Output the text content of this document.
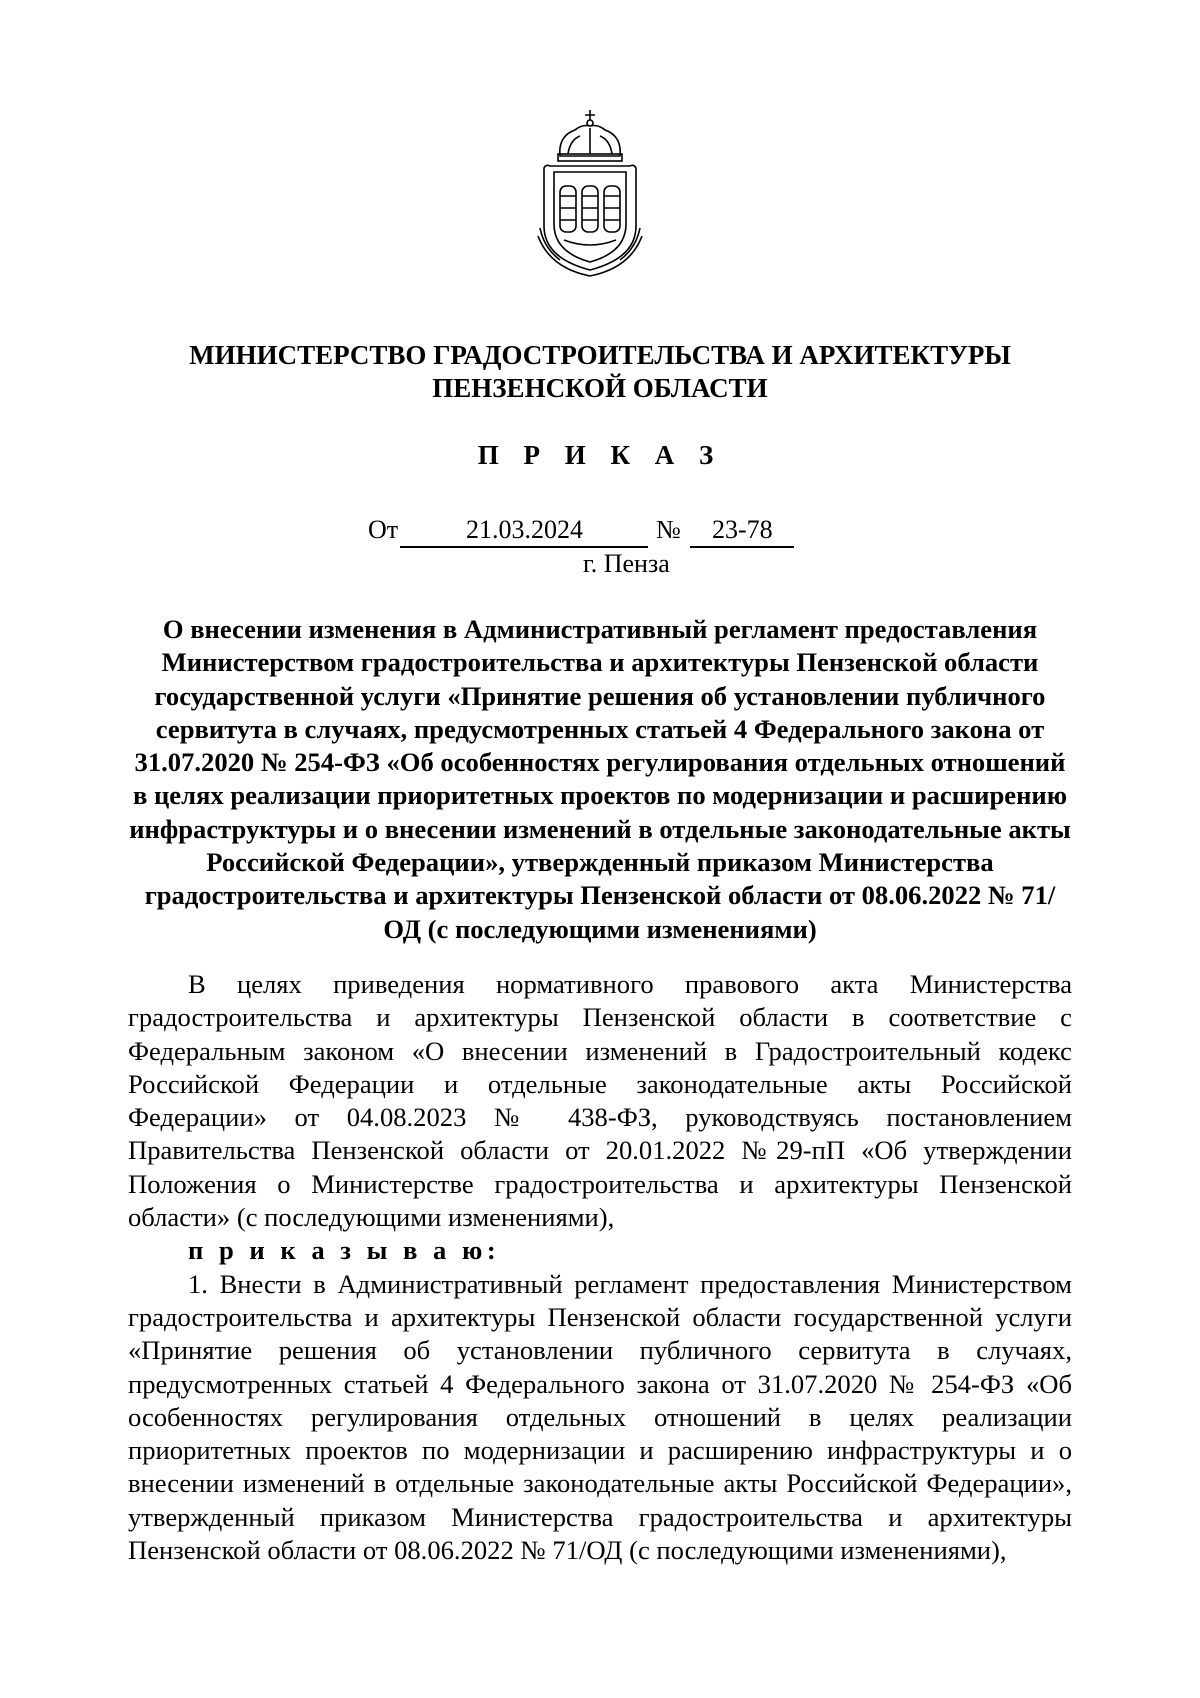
МИНИСТЕРСТВО ГРАДОСТРОИТЕЛЬСТВА И АРХИТЕКТУРЫ
ПЕНЗЕНСКОЙ ОБЛАСТИ
П Р И К А З
От	21.03.2024	№ 23-78
г. Пенза
О внесении изменения в Административный регламент предоставления Министерством градостроительства и архитектуры Пензенской области государственной услуги «Принятие решения об установлении публичного сервитута в случаях, предусмотренных статьей 4 Федерального закона от 31.07.2020 № 254-ФЗ «Об особенностях регулирования отдельных отношений в целях реализации приоритетных проектов по модернизации и расширению инфраструктуры и о внесении изменений в отдельные законодательные акты Российской Федерации», утвержденный приказом Министерства градостроительства и архитектуры Пензенской области от 08.06.2022 № 71/ОД (с последующими изменениями)

В целях приведения нормативного правового акта Министерства градостроительства и архитектуры Пензенской области в соответствие с Федеральным законом «О внесении изменений в Градостроительный кодекс Российской Федерации и отдельные законодательные акты Российской Федерации» от 04.08.2023 № 438-ФЗ, руководствуясь постановлением Правительства Пензенской области от 20.01.2022 №29-пП «Об утверждении Положения о Министерстве градостроительства и архитектуры Пензенской области» (с последующими изменениями),

п р и к а з ы в а ю:

1. Внести в Административный регламент предоставления Министерством градостроительства и архитектуры Пензенской области государственной услуги «Принятие решения об установлении публичного сервитута в случаях, предусмотренных статьей 4 Федерального закона от 31.07.2020 № 254-ФЗ «Об особенностях регулирования отдельных отношений в целях реализации приоритетных проектов по модернизации и расширению инфраструктуры и о внесении изменений в отдельные законодательные акты Российской Федерации», утвержденный приказом Министерства градостроительства и архитектуры Пензенской области от 08.06.2022 № 71/ОД (с последующими изменениями),
